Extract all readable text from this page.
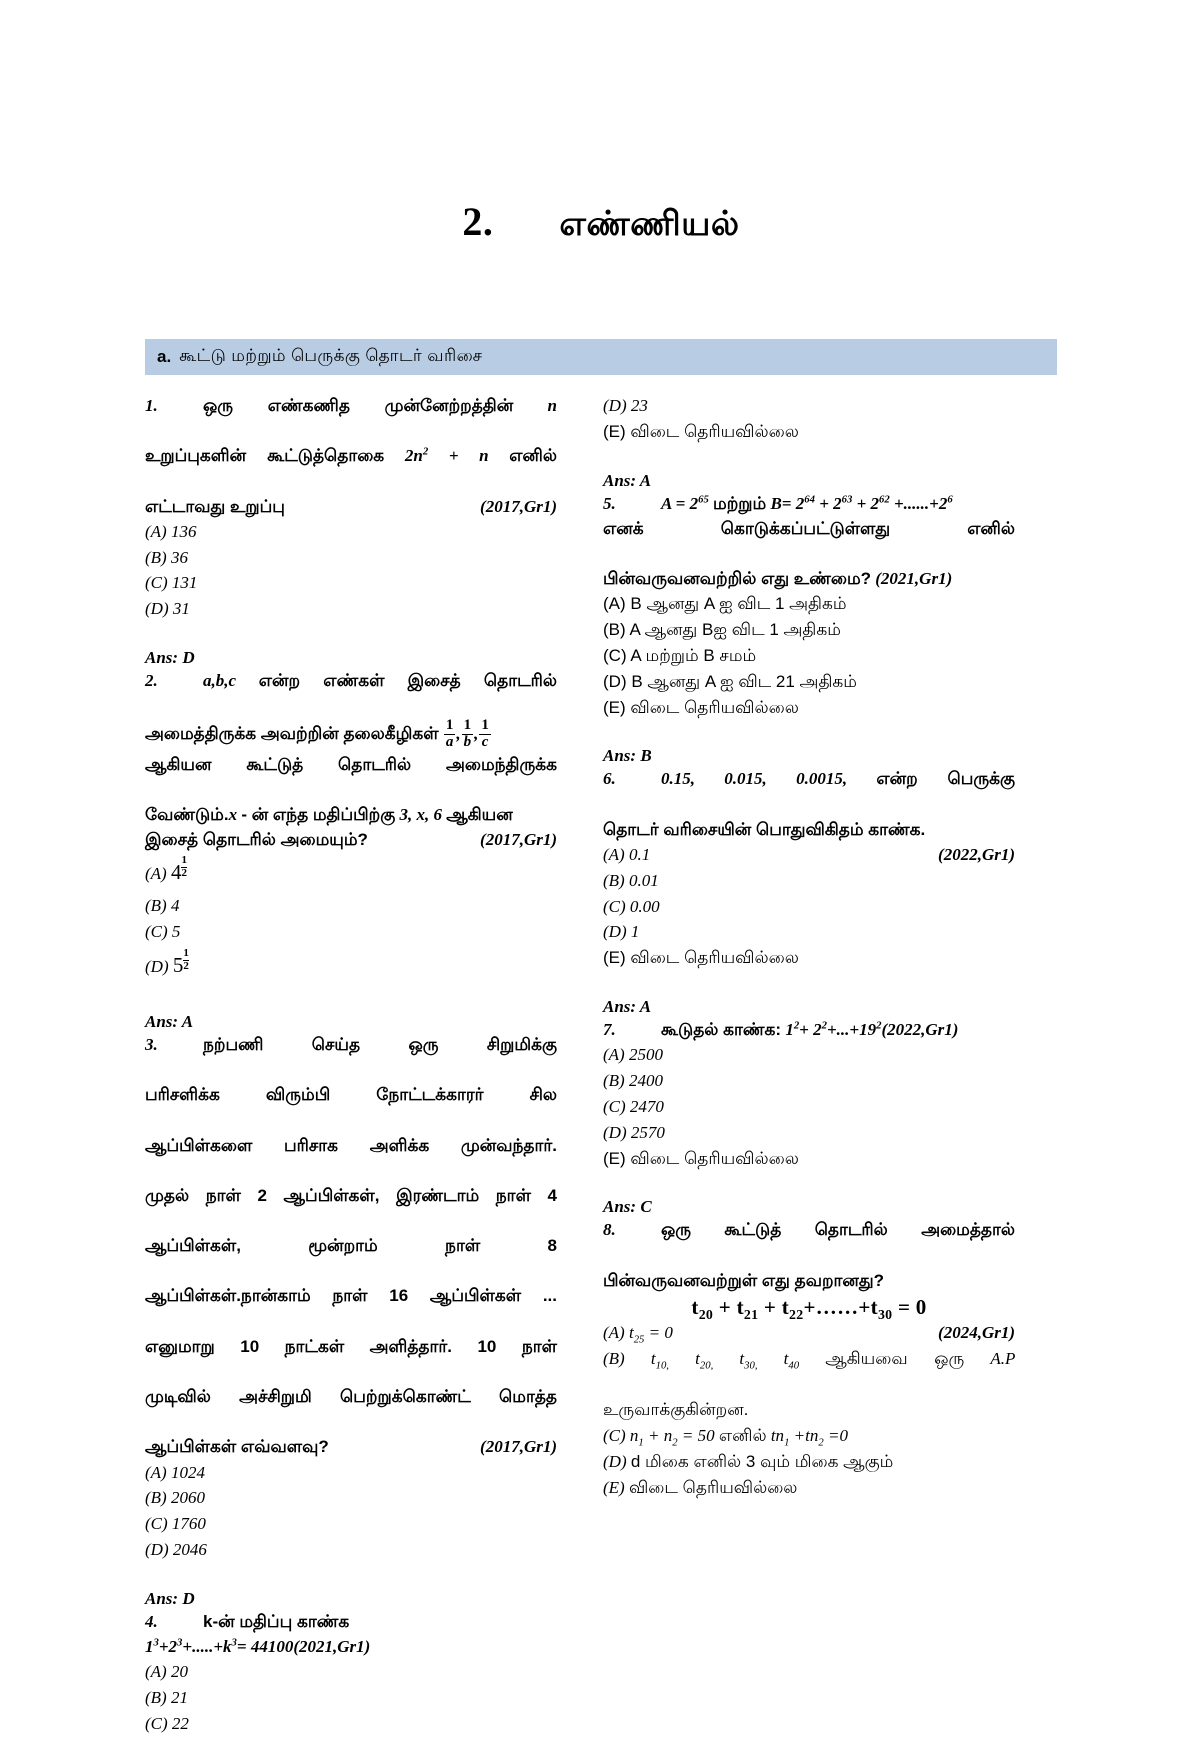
2. எண்ணியல்
a. கூட்டு மற்றும் பெருக்கு தொடர் வரிசை

1.	ஒரு எண்கணித முன்னேற்றத்தின் n

உறுப்புகளின் கூட்டுத்தொகை $2n^2 + n$ எனில்

(2017,Gr1)
எட்டாவது உறுப்பு

(A) 136

(B) 36

(C) 131

(D) 31

Ans: D

2.	a,b,c என்ற எண்கள் இசைத் தொடரில்

அமைத்திருக்க அவற்றின் தலைகீழிகள் $\frac{1}{a}$ , $\frac{1}{b}$ , $\frac{1}{c}$

ஆகியன கூட்டுத் தொடரில் அமைந்திருக்க

வேண்டும்.x - ன் எந்த மதிப்பிற்கு 3, x, 6 ஆகியன

(2017,Gr1)
இசைத் தொடரில் அமையும்?

(A) $4 \frac{1}{2}$

(B) 4

(C) 5

(D) $5 \frac{1}{2}$

Ans: A

3.	நற்பணி செய்த ஒரு சிறுமிக்கு

பரிசளிக்க விரும்பி நோட்டக்காரர் சில

ஆப்பிள்களை பரிசாக அளிக்க முன்வந்தார்.

முதல் நாள் 2 ஆப்பிள்கள், இரண்டாம் நாள் 4

ஆப்பிள்கள், மூன்றாம் நாள் 8

ஆப்பிள்கள்.நான்காம் நாள் 16 ஆப்பிள்கள் ...

எனுமாறு 10 நாட்கள் அளித்தார். 10 நாள்

முடிவில் அச்சிறுமி பெற்றுக்கொண்ட் மொத்த

(2017,Gr1)
ஆப்பிள்கள் எவ்வளவு?

(A) 1024

(B) 2060

(C) 1760

(D) 2046

Ans: D

4.	k-ன் மதிப்பு காண்க

$1^3+2^3+.....+k^3= 44100(2021,Gr1)$

(A) 20

(B) 21

(C) 22

(D) 23

(E) விடை தெரியவில்லை

Ans: A

5.	$A = 2^{65}$ மற்றும் $B= 2^{64} + 2^{63} + 2^{62} +......+2^6$

எனக் கொடுக்கப்பட்டுள்ளது எனில்

பின்வருவனவற்றில் எது உண்மை? (2021,Gr1)

(A) B ஆனது A ஐ விட 1 அதிகம்

(B) A ஆனது Bஐ விட 1 அதிகம்

(C) A மற்றும் B சமம்

(D) B ஆனது A ஐ விட 21 அதிகம்

(E) விடை தெரியவில்லை

Ans: B

6.	0.15, 0.015, 0.0015, என்ற பெருக்கு

தொடர் வரிசையின் பொதுவிகிதம் காண்க.

(2022,Gr1)
(A) 0.1

(B) 0.01

(C) 0.00

(D) 1

(E) விடை தெரியவில்லை

Ans: A

7.	கூடுதல் காண்க: $1^2+ 2^2+...+19^2(2022,Gr1)$

(A) 2500

(B) 2400

(C) 2470

(D) 2570

(E) விடை தெரியவில்லை

Ans: C

8.	ஒரு கூட்டுத் தொடரில் அமைத்தால்

பின்வருவனவற்றுள் எது தவறானது?

$t_{20} + t_{21}$ + $t_{22}+\dots\dots+t_{30} = 0$

(2024,Gr1)
(A) $t_{25} = 0$

(B) $t_{10,}$ $t_{20,}$ $t_{30,}$ $t_{40}$ ஆகியவை ஒரு A.P

உருவாக்குகின்றன.

(C) $n_1 + n_2 = 50$ எனில் $tn_1 +tn_2 =0$

(D) d மிகை எனில் 3 வும் மிகை ஆகும்

(E) விடை தெரியவில்லை
